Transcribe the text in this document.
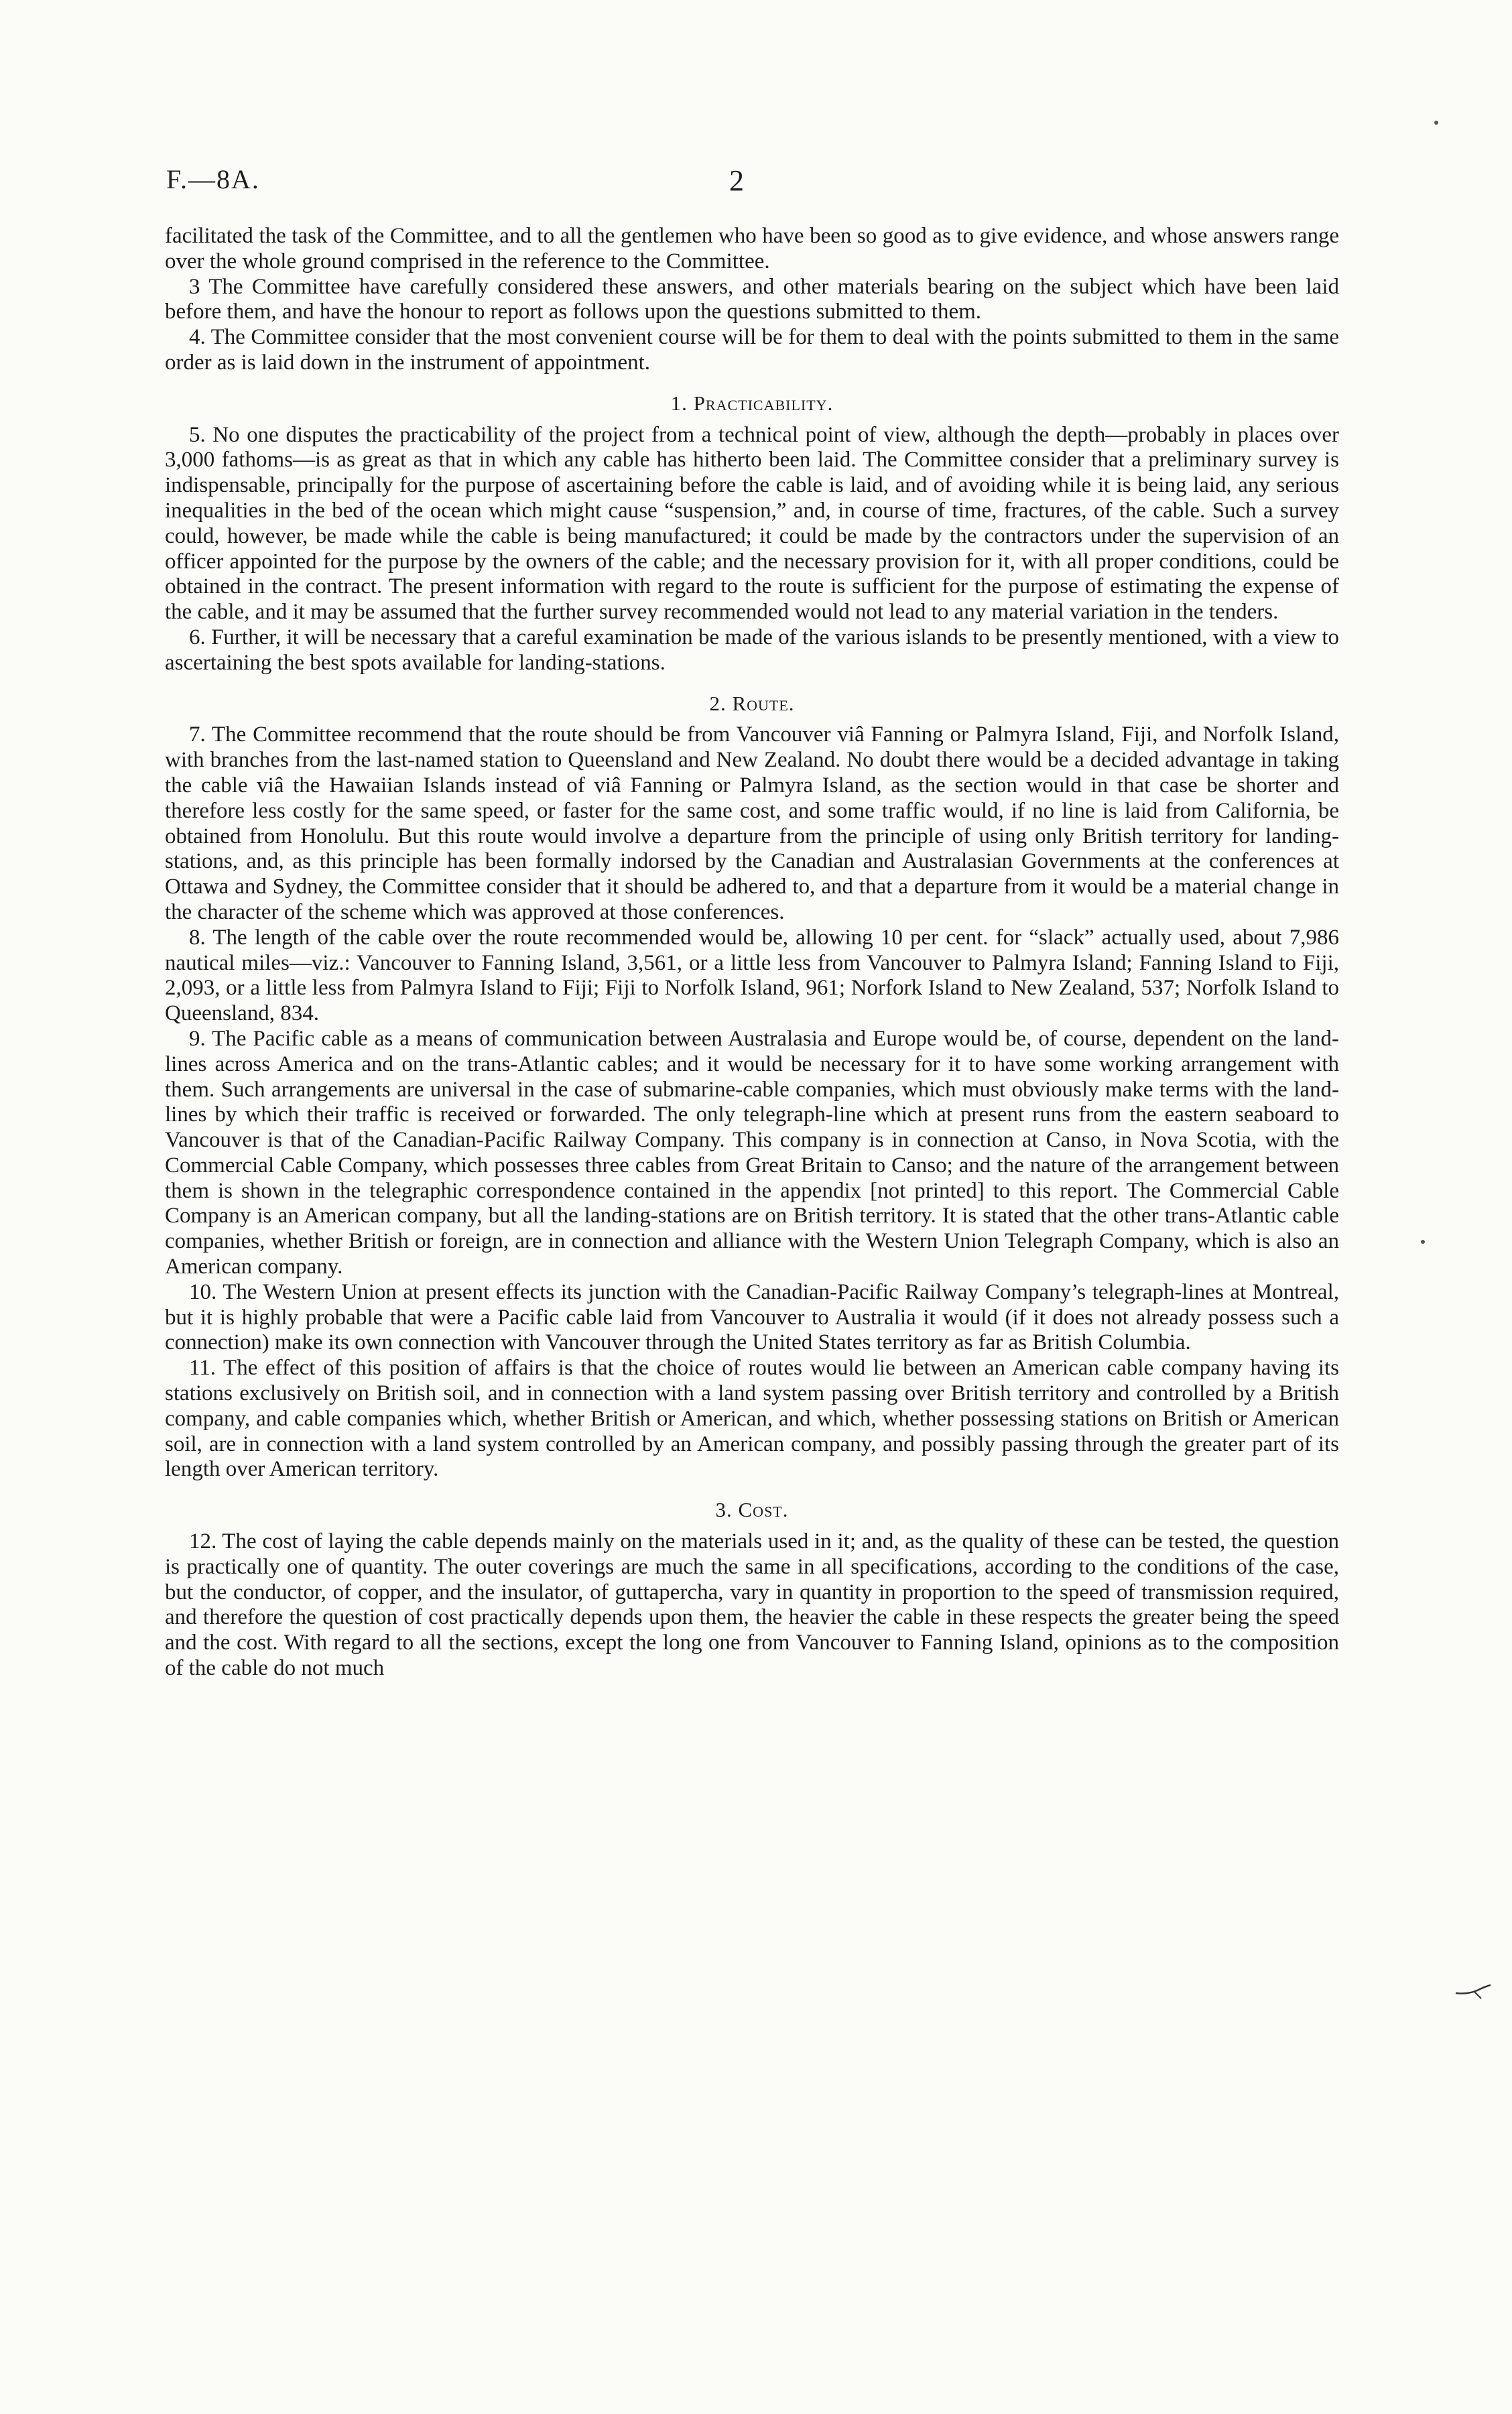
F.—8A.	2

facilitated the task of the Committee, and to all the gentlemen who have been so good as to give evidence, and whose answers range over the whole ground comprised in the reference to the Committee.

3 The Committee have carefully considered these answers, and other materials bearing on the subject which have been laid before them, and have the honour to report as follows upon the questions submitted to them.

4. The Committee consider that the most convenient course will be for them to deal with the points submitted to them in the same order as is laid down in the instrument of appointment.

1. Practicability.

5. No one disputes the practicability of the project from a technical point of view, although the depth—probably in places over 3,000 fathoms—is as great as that in which any cable has hitherto been laid. The Committee consider that a preliminary survey is indispensable, principally for the purpose of ascertaining before the cable is laid, and of avoiding while it is being laid, any serious inequalities in the bed of the ocean which might cause “suspension,” and, in course of time, fractures, of the cable. Such a survey could, however, be made while the cable is being manufactured; it could be made by the contractors under the supervision of an officer appointed for the purpose by the owners of the cable; and the necessary provision for it, with all proper conditions, could be obtained in the contract. The present information with regard to the route is sufficient for the purpose of estimating the expense of the cable, and it may be assumed that the further survey recommended would not lead to any material variation in the tenders.

6. Further, it will be necessary that a careful examination be made of the various islands to be presently mentioned, with a view to ascertaining the best spots available for landing-stations.

2. Route.

7. The Committee recommend that the route should be from Vancouver viâ Fanning or Palmyra Island, Fiji, and Norfolk Island, with branches from the last-named station to Queensland and New Zealand. No doubt there would be a decided advantage in taking the cable viâ the Hawaiian Islands instead of viâ Fanning or Palmyra Island, as the section would in that case be shorter and therefore less costly for the same speed, or faster for the same cost, and some traffic would, if no line is laid from California, be obtained from Honolulu. But this route would involve a departure from the principle of using only British territory for landing-stations, and, as this principle has been formally indorsed by the Canadian and Australasian Governments at the conferences at Ottawa and Sydney, the Committee consider that it should be adhered to, and that a departure from it would be a material change in the character of the scheme which was approved at those conferences.

8. The length of the cable over the route recommended would be, allowing 10 per cent. for “slack” actually used, about 7,986 nautical miles—viz.: Vancouver to Fanning Island, 3,561, or a little less from Vancouver to Palmyra Island; Fanning Island to Fiji, 2,093, or a little less from Palmyra Island to Fiji; Fiji to Norfolk Island, 961; Norfork Island to New Zealand, 537; Norfolk Island to Queensland, 834.

9. The Pacific cable as a means of communication between Australasia and Europe would be, of course, dependent on the land-lines across America and on the trans-Atlantic cables; and it would be necessary for it to have some working arrangement with them. Such arrangements are universal in the case of submarine-cable companies, which must obviously make terms with the land-lines by which their traffic is received or forwarded. The only telegraph-line which at present runs from the eastern seaboard to Vancouver is that of the Canadian-Pacific Railway Company. This company is in connection at Canso, in Nova Scotia, with the Commercial Cable Company, which possesses three cables from Great Britain to Canso; and the nature of the arrangement between them is shown in the telegraphic correspondence contained in the appendix [not printed] to this report. The Commercial Cable Company is an American company, but all the landing-stations are on British territory. It is stated that the other trans-Atlantic cable companies, whether British or foreign, are in connection and alliance with the Western Union Telegraph Company, which is also an American company.

10. The Western Union at present effects its junction with the Canadian-Pacific Railway Company’s telegraph-lines at Montreal, but it is highly probable that were a Pacific cable laid from Vancouver to Australia it would (if it does not already possess such a connection) make its own connection with Vancouver through the United States territory as far as British Columbia.

11. The effect of this position of affairs is that the choice of routes would lie between an American cable company having its stations exclusively on British soil, and in connection with a land system passing over British territory and controlled by a British company, and cable companies which, whether British or American, and which, whether possessing stations on British or American soil, are in connection with a land system controlled by an American company, and possibly passing through the greater part of its length over American territory.

3. Cost.

12. The cost of laying the cable depends mainly on the materials used in it; and, as the quality of these can be tested, the question is practically one of quantity. The outer coverings are much the same in all specifications, according to the conditions of the case, but the conductor, of copper, and the insulator, of guttapercha, vary in quantity in proportion to the speed of transmission required, and therefore the question of cost practically depends upon them, the heavier the cable in these respects the greater being the speed and the cost. With regard to all the sections, except the long one from Vancouver to Fanning Island, opinions as to the composition of the cable do not much
